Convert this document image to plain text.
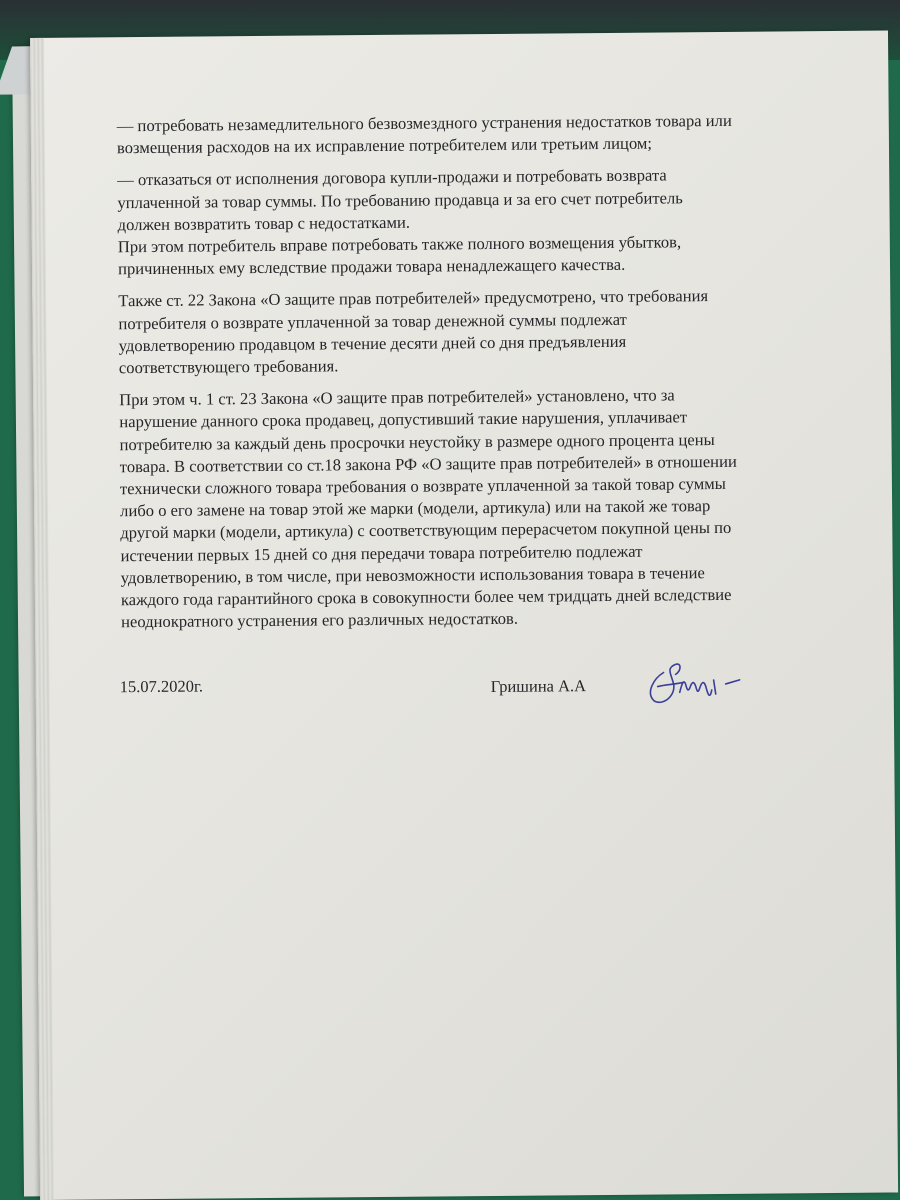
— потребовать незамедлительного безвозмездного устранения недостатков товара или
возмещения расходов на их исправление потребителем или третьим лицом;

— отказаться от исполнения договора купли-продажи и потребовать возврата
уплаченной за товар суммы. По требованию продавца и за его счет потребитель
должен возвратить товар с недостатками.

При этом потребитель вправе потребовать также полного возмещения убытков,
причиненных ему вследствие продажи товара ненадлежащего качества.

Также ст. 22 Закона «О защите прав потребителей» предусмотрено, что требования
потребителя о возврате уплаченной за товар денежной суммы подлежат
удовлетворению продавцом в течение десяти дней со дня предъявления
соответствующего требования.

При этом ч. 1 ст. 23 Закона «О защите прав потребителей» установлено, что за
нарушение данного срока продавец, допустивший такие нарушения, уплачивает
потребителю за каждый день просрочки неустойку в размере одного процента цены
товара. В соответствии со ст.18 закона РФ «О защите прав потребителей» в отношении
технически сложного товара требования о возврате уплаченной за такой товар суммы
либо о его замене на товар этой же марки (модели, артикула) или на такой же товар
другой марки (модели, артикула) с соответствующим перерасчетом покупной цены по
истечении первых 15 дней со дня передачи товара потребителю подлежат
удовлетворению, в том числе, при невозможности использования товара в течение
каждого года гарантийного срока в совокупности более чем тридцать дней вследствие
неоднократного устранения его различных недостатков.

15.07.2020г.	Гришина А.А
